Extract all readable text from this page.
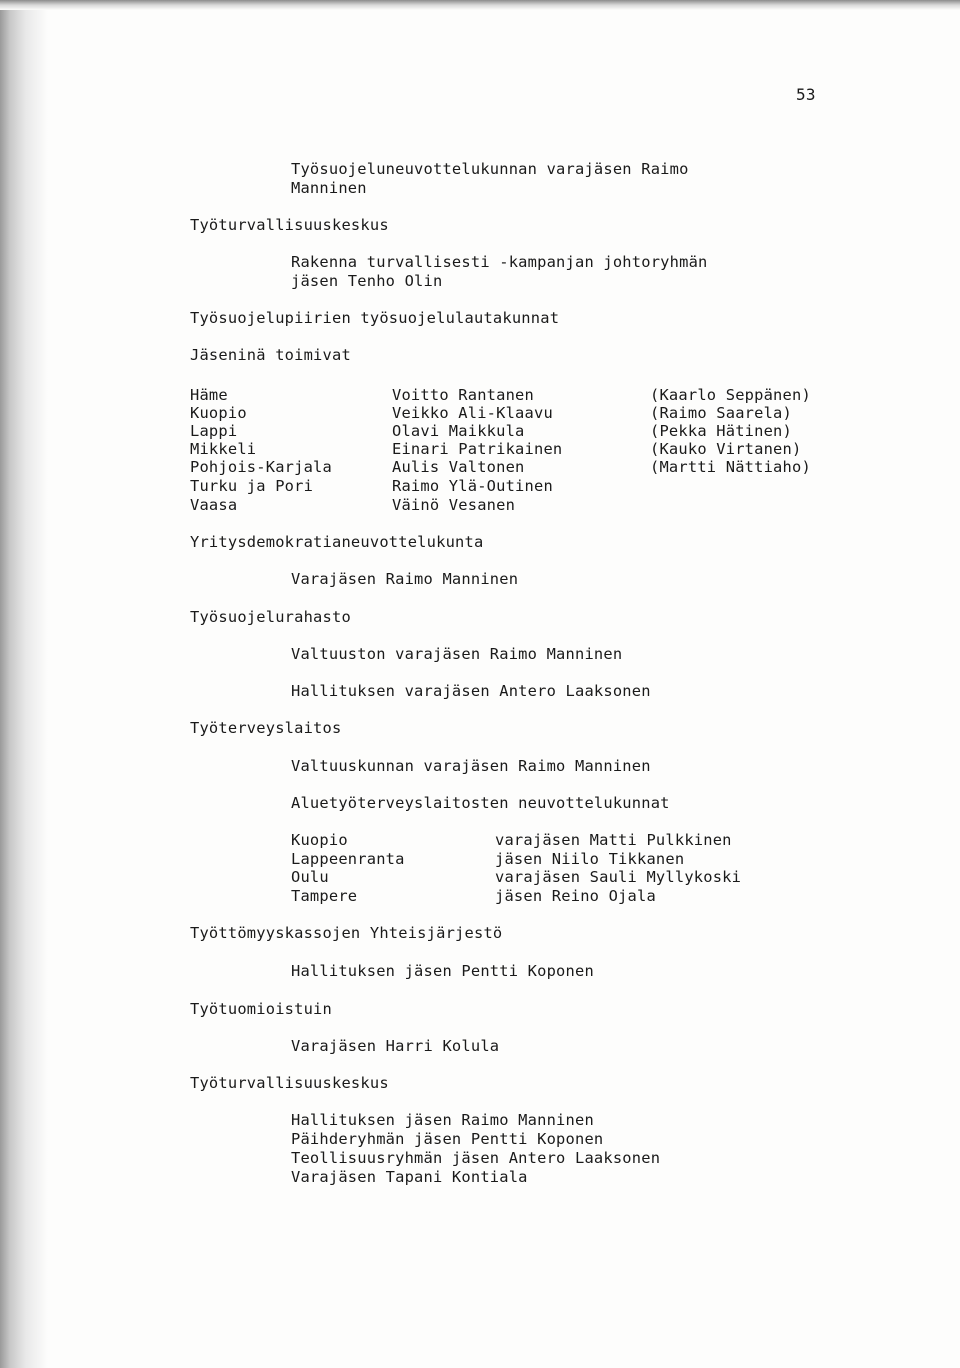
53
Työsuojeluneuvottelukunnan varajäsen Raimo
Manninen
Työturvallisuuskeskus
Rakenna turvallisesti -kampanjan johtoryhmän
jäsen Tenho Olin
Työsuojelupiirien työsuojelulautakunnat
Jäseninä toimivat
Häme	Voitto Rantanen	(Kaarlo Seppänen)
Kuopio	Veikko Ali-Klaavu	(Raimo Saarela)
Lappi	Olavi Maikkula	(Pekka Hätinen)
Mikkeli	Einari Patrikainen	(Kauko Virtanen)
Pohjois-Karjala	Aulis Valtonen	(Martti Nättiaho)
Turku ja Pori	Raimo Ylä-Outinen
Vaasa	Väinö Vesanen
Yritysdemokratianeuvottelukunta
Varajäsen Raimo Manninen
Työsuojelurahasto
Valtuuston varajäsen Raimo Manninen
Hallituksen varajäsen Antero Laaksonen
Työterveyslaitos
Valtuuskunnan varajäsen Raimo Manninen
Aluetyöterveyslaitosten neuvottelukunnat
Kuopio	varajäsen Matti Pulkkinen
Lappeenranta	jäsen Niilo Tikkanen
Oulu	varajäsen Sauli Myllykoski
Tampere	jäsen Reino Ojala
Työttömyyskassojen Yhteisjärjestö
Hallituksen jäsen Pentti Koponen
Työtuomioistuin
Varajäsen Harri Kolula
Työturvallisuuskeskus
Hallituksen jäsen Raimo Manninen
Päihderyhmän jäsen Pentti Koponen
Teollisuusryhmän jäsen Antero Laaksonen
Varajäsen Tapani Kontiala
